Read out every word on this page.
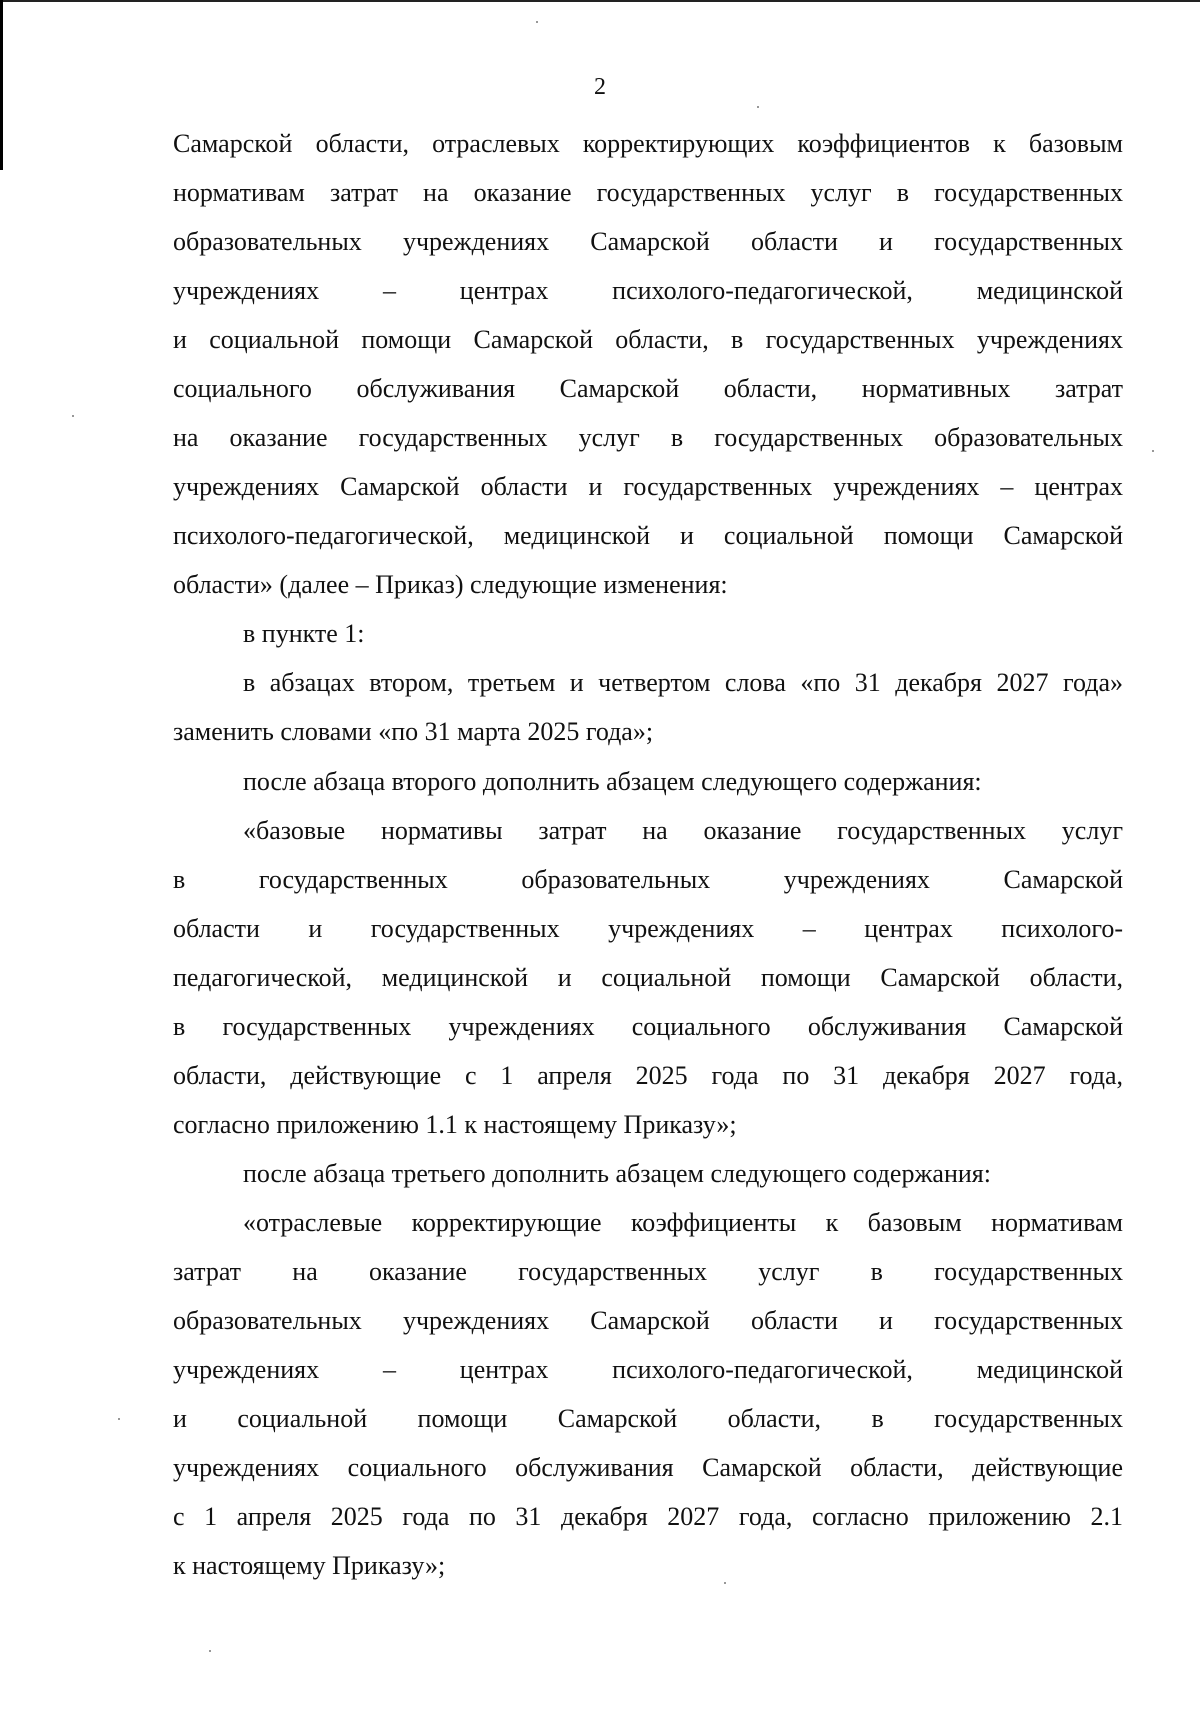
2
Самарской области, отраслевых корректирующих коэффициентов к базовым
нормативам затрат на оказание государственных услуг в государственных
образовательных учреждениях Самарской области и государственных
учреждениях – центрах психолого-педагогической, медицинской
и социальной помощи Самарской области, в государственных учреждениях
социального обслуживания Самарской области, нормативных затрат
на оказание государственных услуг в государственных образовательных
учреждениях Самарской области и государственных учреждениях – центрах
психолого-педагогической, медицинской и социальной помощи Самарской
области» (далее – Приказ) следующие изменения:
в пункте 1:
в абзацах втором, третьем и четвертом слова «по 31 декабря 2027 года»
заменить словами «по 31 марта 2025 года»;
после абзаца второго дополнить абзацем следующего содержания:
«базовые нормативы затрат на оказание государственных услуг
в государственных образовательных учреждениях Самарской
области и государственных учреждениях – центрах психолого-
педагогической, медицинской и социальной помощи Самарской области,
в государственных учреждениях социального обслуживания Самарской
области, действующие с 1 апреля 2025 года по 31 декабря 2027 года,
согласно приложению 1.1 к настоящему Приказу»;
после абзаца третьего дополнить абзацем следующего содержания:
«отраслевые корректирующие коэффициенты к базовым нормативам
затрат на оказание государственных услуг в государственных
образовательных учреждениях Самарской области и государственных
учреждениях – центрах психолого-педагогической, медицинской
и социальной помощи Самарской области, в государственных
учреждениях социального обслуживания Самарской области, действующие
с 1 апреля 2025 года по 31 декабря 2027 года, согласно приложению 2.1
к настоящему Приказу»;
